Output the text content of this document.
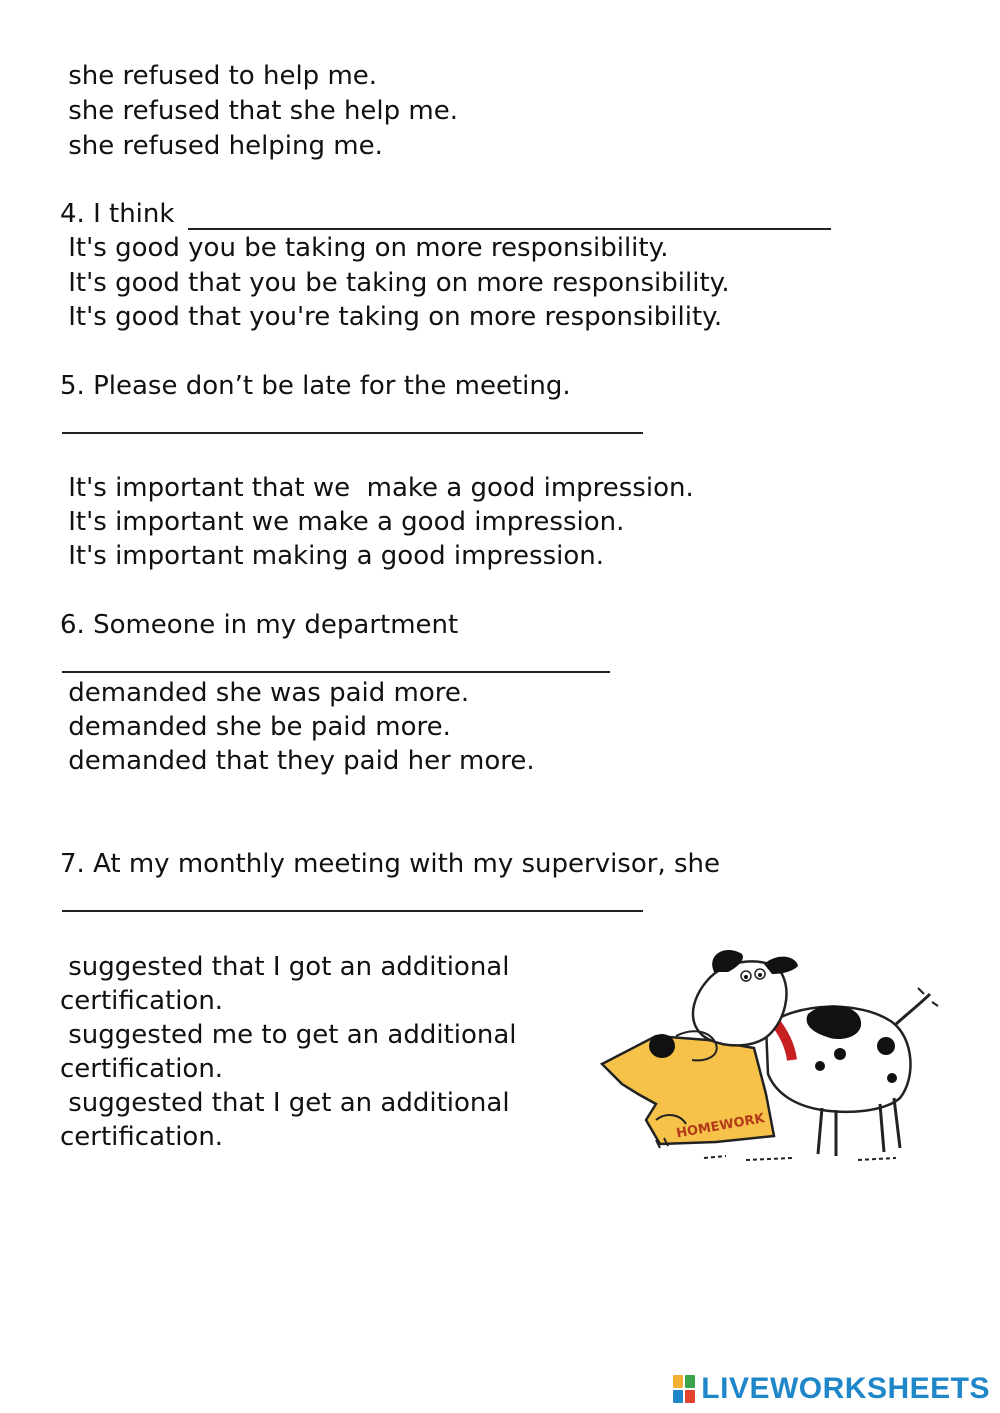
she refused to help me.
she refused that she help me.
she refused helping me.
4. I think
It's good you be taking on more responsibility.
It's good that you be taking on more responsibility.
It's good that you're taking on more responsibility.
5. Please don’t be late for the meeting.
It's important that we  make a good impression.
It's important we make a good impression.
It's important making a good impression.
6. Someone in my department
demanded she was paid more.
demanded she be paid more.
demanded that they paid her more.
7. At my monthly meeting with my supervisor, she
suggested that I got an additional
certification.
suggested me to get an additional
certification.
suggested that I get an additional
certification.	HOMEWORK
LIVEWORKSHEETS
